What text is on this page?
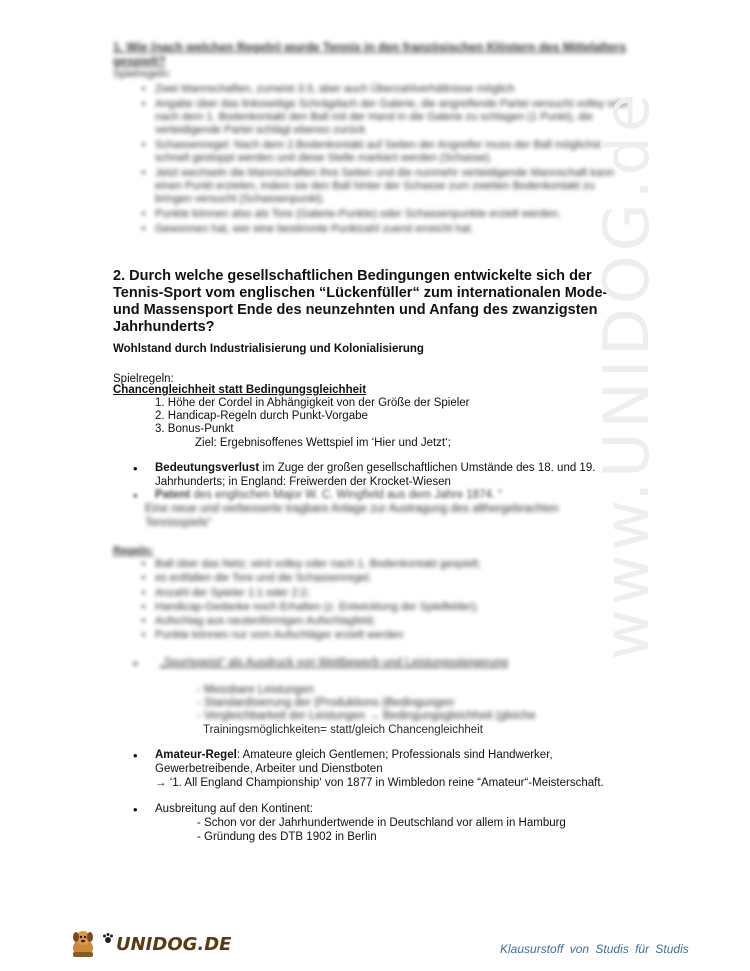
1. Wie (nach welchen Regeln) wurde Tennis in den französischen Klöstern des Mittelalters gespielt?
Spielregeln:
• Zwei Mannschaften, zumeist 3:3, aber auch Überzahlverhältnisse möglich
• Angabe über das linksseitige Schrägdach der Galerie, die angreifende Partei versucht volley oder nach dem 1. Bodenkontakt den Ball mit der Hand in die Galerie zu schlagen (1 Punkt), die verteidigende Partei schlägt ebenso zurück
• Schassenregel: Nach dem 2.Bodenkontakt auf Seiten der Angreifer muss der Ball möglichst schnell gestoppt werden und diese Stelle markiert werden (Schasse).
• Jetzt wechseln die Mannschaften ihre Seiten und die nunmehr verteidigende Mannschaft kann einen Punkt erzielen, indem sie den Ball hinter der Schasse zum zweiten Bodenkontakt zu bringen versucht (Schassenpunkt).
• Punkte können also als Tore (Galerie-Punkte) oder Schassenpunkte erzielt werden.
• Gewonnen hat, wer eine bestimmte Punktzahl zuerst erreicht hat.
2. Durch welche gesellschaftlichen Bedingungen entwickelte sich der Tennis-Sport vom englischen “Lückenfüller“ zum internationalen Mode- und Massensport Ende des neunzehnten und Anfang des zwanzigsten Jahrhunderts?
Wohlstand durch Industrialisierung und Kolonialisierung
Spielregeln:
Chancengleichheit statt Bedingungsgleichheit
1. Höhe der Cordel in Abhängigkeit von der Größe der Spieler
2. Handicap-Regeln durch Punkt-Vorgabe
3. Bonus-Punkt
Ziel: Ergebnisoffenes Wettspiel im ‘Hier und Jetzt‘;
• Bedeutungsverlust im Zuge der großen gesellschaftlichen Umstände des 18. und 19.
Jahrhunderts; in England: Freiwerden der Krocket-Wiesen
• Patent des englischen Major W. C. Wingfield aus dem Jahre 1874. “
Eine neue und verbesserte tragbare Anlage zur Austragung des althergebrachten Tennisspiels“
Regeln:
• Ball über das Netz; wird volley oder nach 1. Bodenkontakt gespielt;
• es entfallen die Tore und die Schassenregel;
• Anzahl der Spieler 1:1 oder 2:2;
• Handicap-Gedanke noch Erhalten (z. Entwicklung der Spielfelder);
• Aufschlag aus neutenförmigen Aufschlagfeld;
• Punkte können nur vom Aufschläger erzielt werden
• „Sportsgeist“ als Ausdruck von Wettbewerb und Leistungssteigerung
- Messbare Leistungen
- Standardisierung der (Produktions-)Bedingungen
- Vergleichbarkeit der Leistungen → Bedingungsgleichheit (gleiche
Trainingsmöglichkeiten= statt/gleich Chancengleichheit
• Amateur-Regel: Amateure gleich Gentlemen; Professionals sind Handwerker,
Gewerbetreibende, Arbeiter und Dienstboten
→ ‘1. All England Championship‘ von 1877 in Wimbledon reine “Amateur“-Meisterschaft.
• Ausbreitung auf den Kontinent:
- Schon vor der Jahrhundertwende in Deutschland vor allem in Hamburg
- Gründung des DTB 1902 in Berlin
www.UNIDOG.de
UNIDOG.DE	Klausurstoff von Studis für Studis
